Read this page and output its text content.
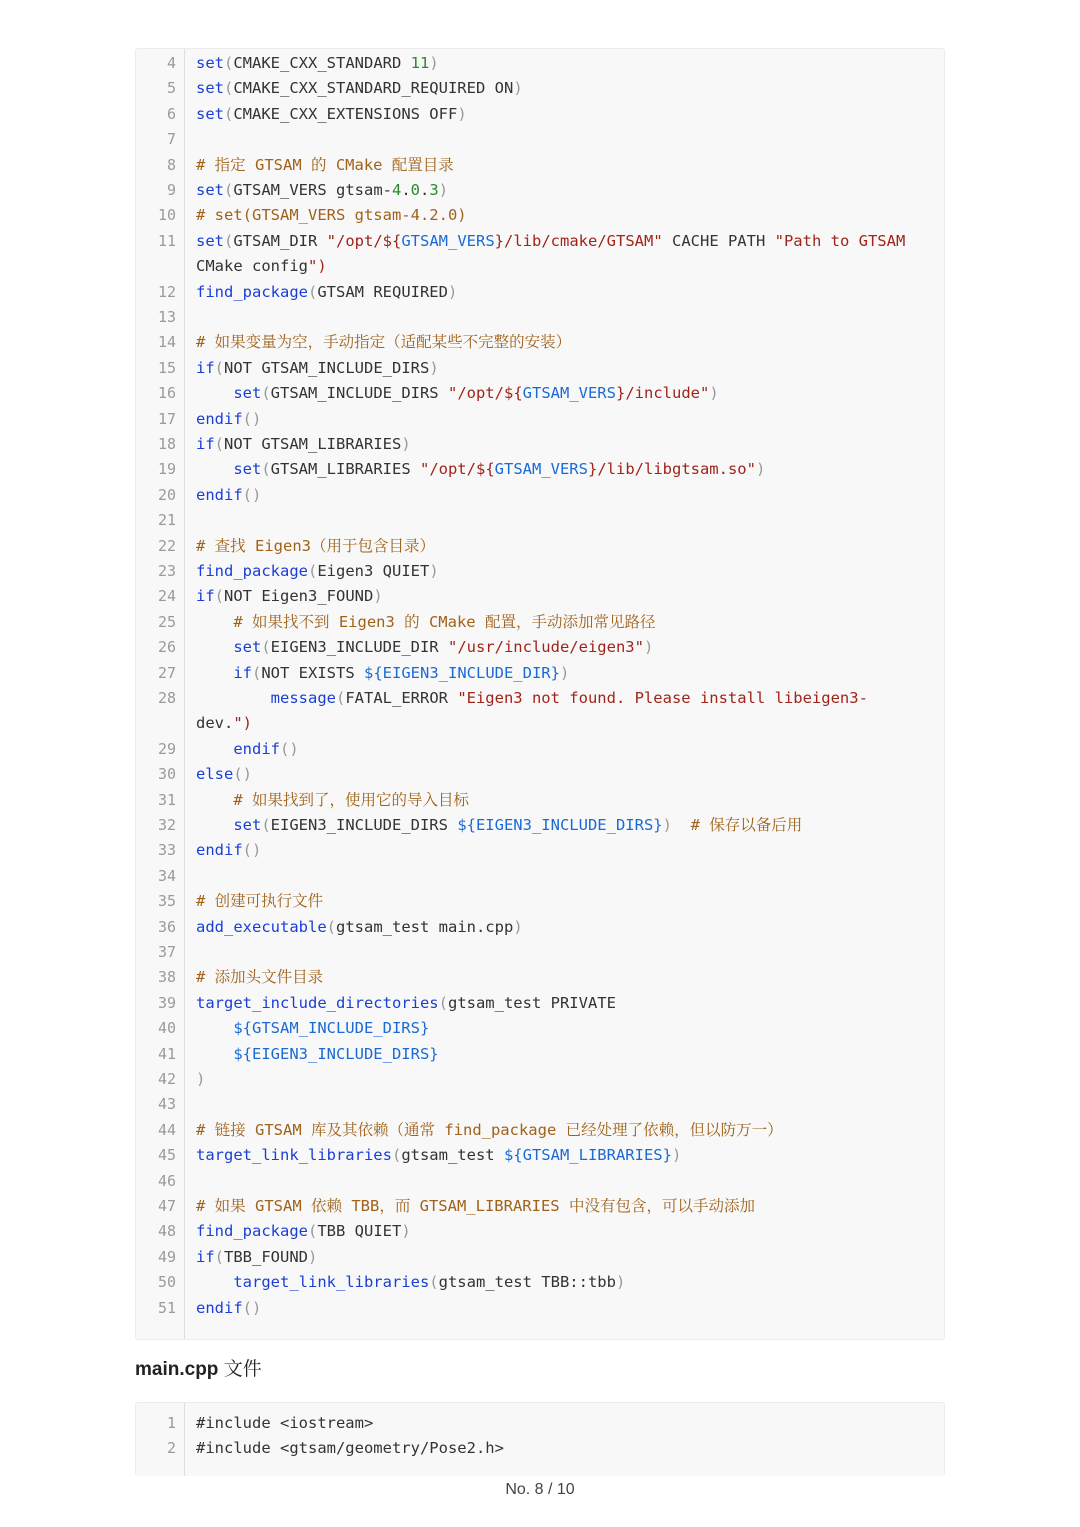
4 set(CMAKE_CXX_STANDARD 11)
5 set(CMAKE_CXX_STANDARD_REQUIRED ON)
6 set(CMAKE_CXX_EXTENSIONS OFF)
7
8 # 指定 GTSAM 的 CMake 配置目录
9 set(GTSAM_VERS gtsam-4.0.3)
10 # set(GTSAM_VERS gtsam-4.2.0)
11 set(GTSAM_DIR "/opt/${GTSAM_VERS}/lib/cmake/GTSAM" CACHE PATH "Path to GTSAM
CMake config")
12 find_package(GTSAM REQUIRED)
13
14 # 如果变量为空，手动指定（适配某些不完整的安装）
15 if(NOT GTSAM_INCLUDE_DIRS)
16	set(GTSAM_INCLUDE_DIRS "/opt/${GTSAM_VERS}/include")
17 endif()
18 if(NOT GTSAM_LIBRARIES)
19	set(GTSAM_LIBRARIES "/opt/${GTSAM_VERS}/lib/libgtsam.so")
20 endif()
21
22 # 查找 Eigen3（用于包含目录）
23 find_package(Eigen3 QUIET)
24 if(NOT Eigen3_FOUND)
25	# 如果找不到 Eigen3 的 CMake 配置，手动添加常见路径
26	set(EIGEN3_INCLUDE_DIR "/usr/include/eigen3")
27	if(NOT EXISTS ${EIGEN3_INCLUDE_DIR})
28	message(FATAL_ERROR "Eigen3 not found. Please install libeigen3-
dev.")
29	endif()
30 else()
31	# 如果找到了，使用它的导入目标
32	set(EIGEN3_INCLUDE_DIRS ${EIGEN3_INCLUDE_DIRS}) # 保存以备后用
33 endif()
34
35 # 创建可执行文件
36 add_executable(gtsam_test main.cpp)
37
38 # 添加头文件目录
39 target_include_directories(gtsam_test PRIVATE
40	${GTSAM_INCLUDE_DIRS}
41	${EIGEN3_INCLUDE_DIRS}
42 )
43
44 # 链接 GTSAM 库及其依赖（通常 find_package 已经处理了依赖，但以防万一）
45 target_link_libraries(gtsam_test ${GTSAM_LIBRARIES})
46
47 # 如果 GTSAM 依赖 TBB，而 GTSAM_LIBRARIES 中没有包含，可以手动添加
48 find_package(TBB QUIET)
49 if(TBB_FOUND)
50	target_link_libraries(gtsam_test TBB::tbb)
51 endif()
main.cpp 文件
1 #include <iostream>
2 #include <gtsam/geometry/Pose2.h>
No. 8 / 10
